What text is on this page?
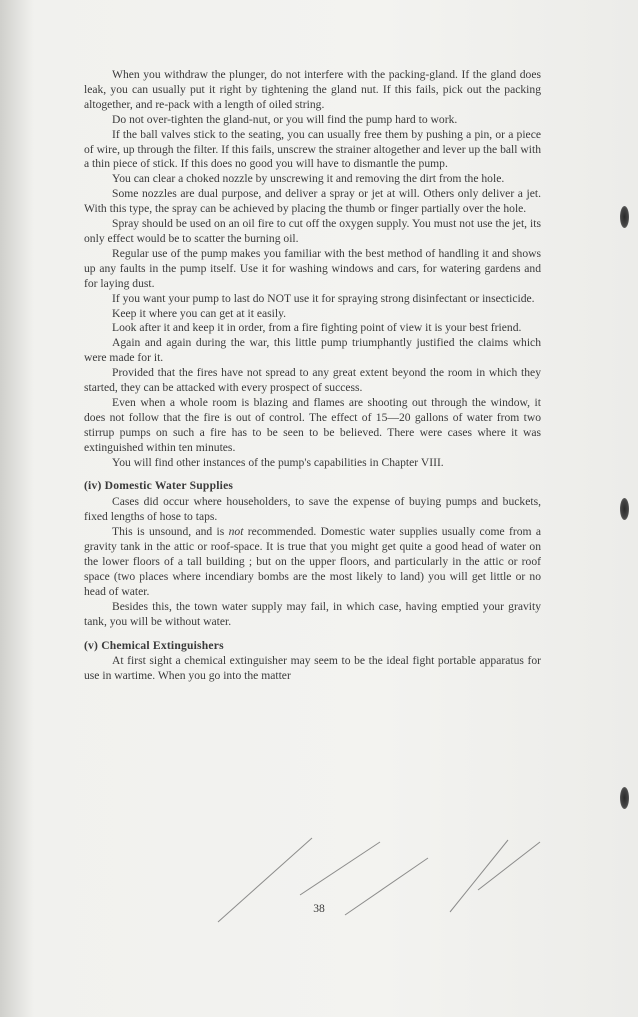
When you withdraw the plunger, do not interfere with the packing-gland. If the gland does leak, you can usually put it right by tightening the gland nut. If this fails, pick out the packing altogether, and re-pack with a length of oiled string.

Do not over-tighten the gland-nut, or you will find the pump hard to work.

If the ball valves stick to the seating, you can usually free them by pushing a pin, or a piece of wire, up through the filter. If this fails, unscrew the strainer altogether and lever up the ball with a thin piece of stick. If this does no good you will have to dismantle the pump.

You can clear a choked nozzle by unscrewing it and removing the dirt from the hole.

Some nozzles are dual purpose, and deliver a spray or jet at will. Others only deliver a jet. With this type, the spray can be achieved by placing the thumb or finger partially over the hole.

Spray should be used on an oil fire to cut off the oxygen supply. You must not use the jet, its only effect would be to scatter the burning oil.

Regular use of the pump makes you familiar with the best method of handling it and shows up any faults in the pump itself. Use it for washing windows and cars, for watering gardens and for laying dust.

If you want your pump to last do NOT use it for spraying strong disinfectant or insecticide.

Keep it where you can get at it easily.

Look after it and keep it in order, from a fire fighting point of view it is your best friend.

Again and again during the war, this little pump triumphantly justified the claims which were made for it.

Provided that the fires have not spread to any great extent beyond the room in which they started, they can be attacked with every prospect of success.

Even when a whole room is blazing and flames are shooting out through the window, it does not follow that the fire is out of control. The effect of 15—20 gallons of water from two stirrup pumps on such a fire has to be seen to be believed. There were cases where it was extinguished within ten minutes.

You will find other instances of the pump's capabilities in Chapter VIII.

(iv) Domestic Water Supplies

Cases did occur where householders, to save the expense of buying pumps and buckets, fixed lengths of hose to taps.

This is unsound, and is not recommended. Domestic water supplies usually come from a gravity tank in the attic or roof-space. It is true that you might get quite a good head of water on the lower floors of a tall building ; but on the upper floors, and particularly in the attic or roof space (two places where incendiary bombs are the most likely to land) you will get little or no head of water.

Besides this, the town water supply may fail, in which case, having emptied your gravity tank, you will be without water.

(v) Chemical Extinguishers

At first sight a chemical extinguisher may seem to be the ideal fight portable apparatus for use in wartime. When you go into the matter

38
